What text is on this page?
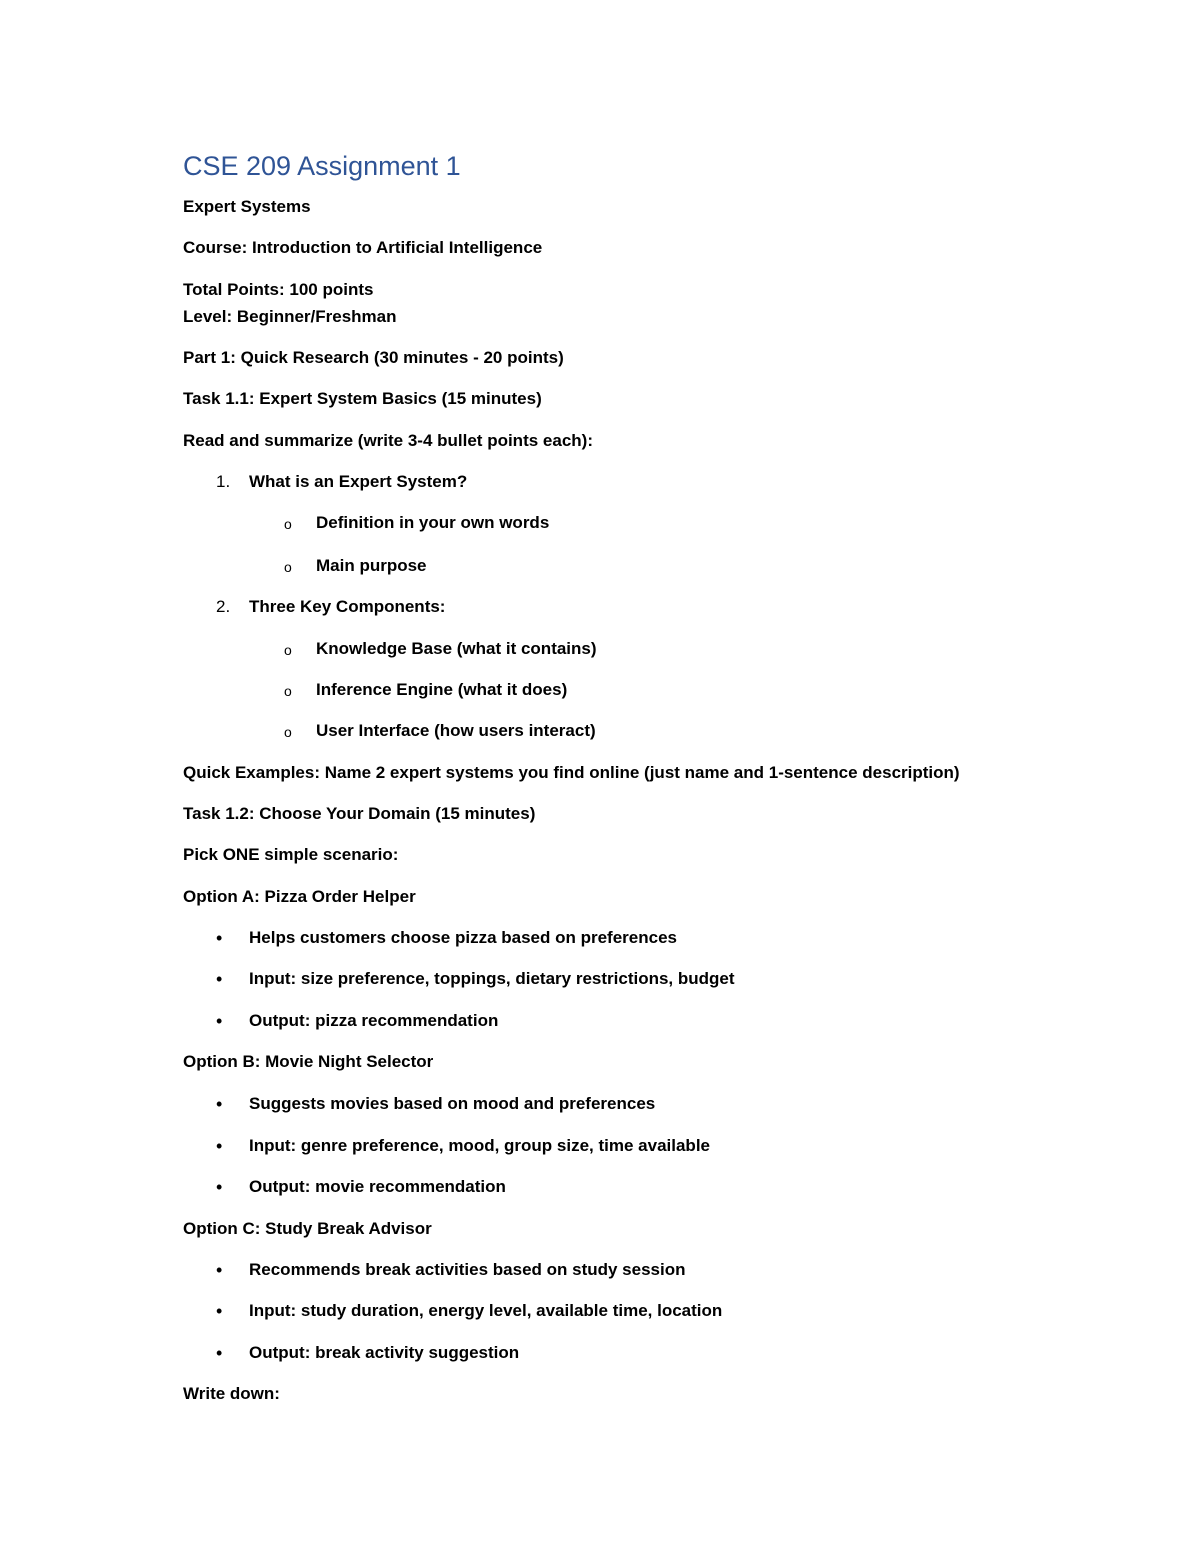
CSE 209 Assignment 1

Expert Systems

Course: Introduction to Artificial Intelligence

Total Points: 100 points

Level: Beginner/Freshman

Part 1: Quick Research (30 minutes - 20 points)

Task 1.1: Expert System Basics (15 minutes)

Read and summarize (write 3-4 bullet points each):

1. What is an Expert System?
o Definition in your own words
o Main purpose
2. Three Key Components:
o Knowledge Base (what it contains)
o Inference Engine (what it does)
o User Interface (how users interact)

Quick Examples: Name 2 expert systems you find online (just name and 1-sentence description)

Task 1.2: Choose Your Domain (15 minutes)

Pick ONE simple scenario:

Option A: Pizza Order Helper

• Helps customers choose pizza based on preferences
• Input: size preference, toppings, dietary restrictions, budget
• Output: pizza recommendation

Option B: Movie Night Selector

• Suggests movies based on mood and preferences
• Input: genre preference, mood, group size, time available
• Output: movie recommendation

Option C: Study Break Advisor

• Recommends break activities based on study session
• Input: study duration, energy level, available time, location
• Output: break activity suggestion

Write down:
